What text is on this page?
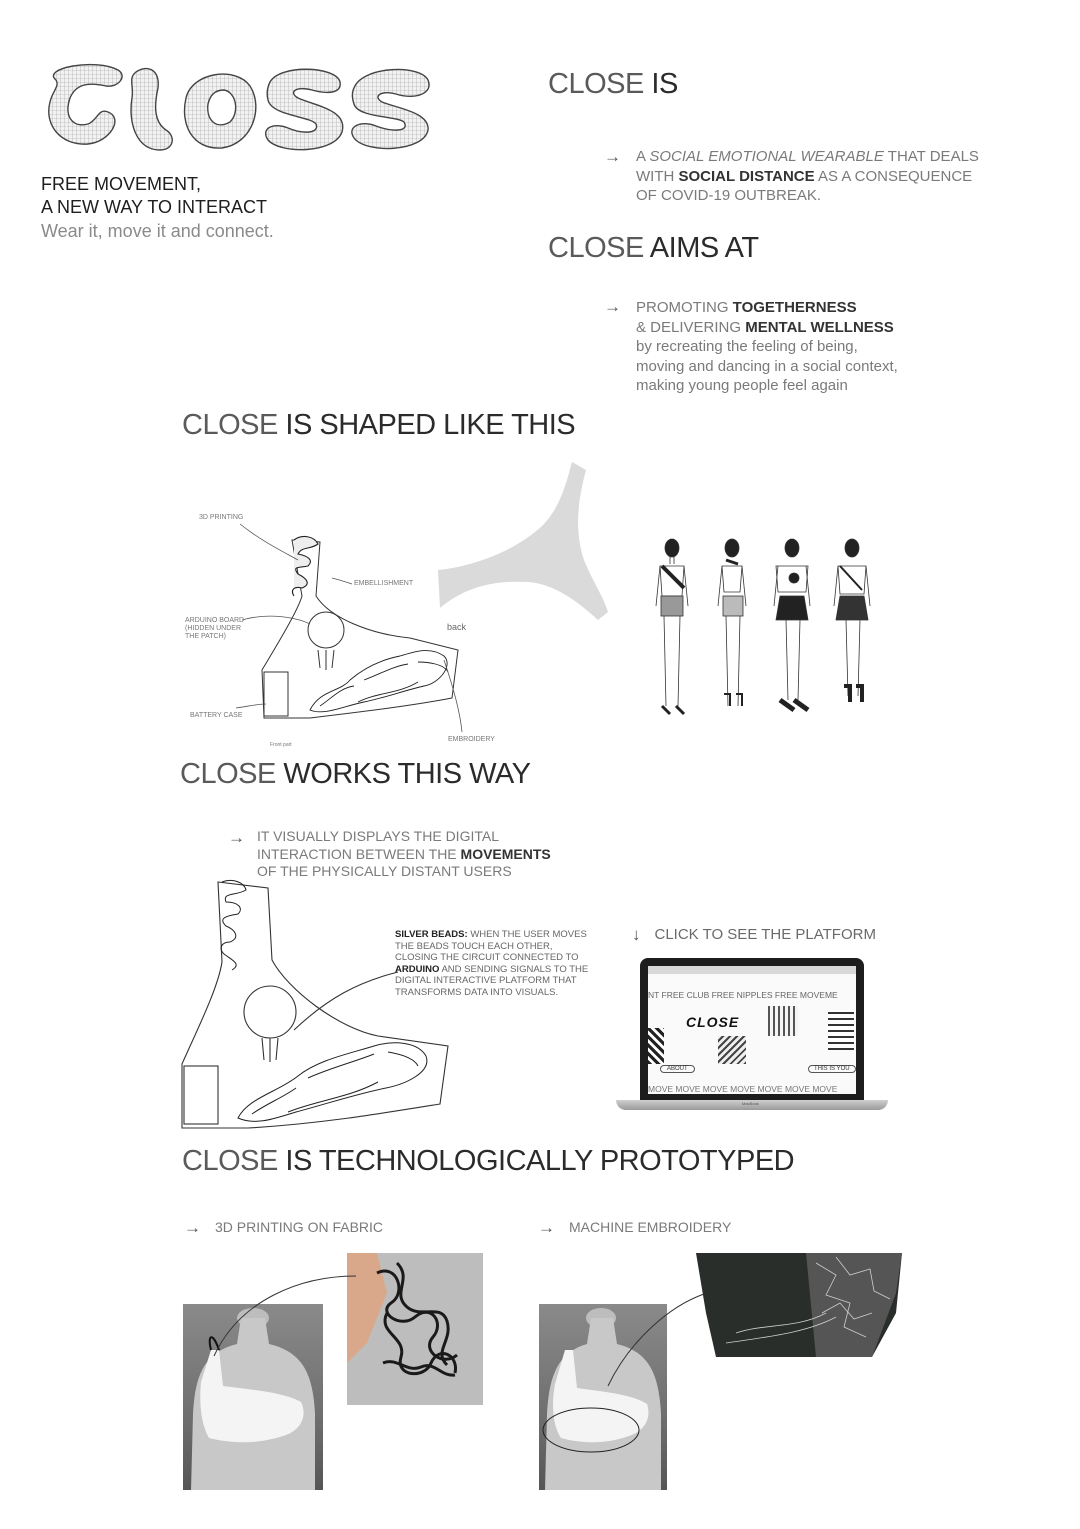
FREE MOVEMENT,
A NEW WAY TO INTERACT
Wear it, move it and connect.
CLOSE IS
→ A SOCIAL EMOTIONAL WEARABLE THAT DEALS
WITH SOCIAL DISTANCE AS A CONSEQUENCE
OF COVID-19 OUTBREAK.
CLOSE AIMS AT
→ PROMOTING TOGETHERNESS
& DELIVERING MENTAL WELLNESS
by recreating the feeling of being,
moving and dancing in a social context,
making young people feel again
CLOSE IS SHAPED LIKE THIS
3D PRINTING
EMBELLISHMENT
ARDUINO BOARD
(HIDDEN UNDER
THE PATCH)
BATTERY CASE
EMBROIDERY
Front part
back
CLOSE WORKS THIS WAY
→ IT VISUALLY DISPLAYS THE DIGITAL
INTERACTION BETWEEN THE MOVEMENTS
OF THE PHYSICALLY DISTANT USERS
SILVER BEADS: WHEN THE USER MOVES
THE BEADS TOUCH EACH OTHER,
CLOSING THE CIRCUIT CONNECTED TO
ARDUINO AND SENDING SIGNALS TO THE
DIGITAL INTERACTIVE PLATFORM THAT
TRANSFORMS DATA INTO VISUALS.
↓ CLICK TO SEE THE PLATFORM
NT FREE CLUB FREE NIPPLES FREE MOVEME
CLOSE
ABOUT	THIS IS YOU
MOVE MOVE MOVE MOVE MOVE MOVE MOVE
MacBook
CLOSE IS TECHNOLOGICALLY PROTOTYPED
→ 3D PRINTING ON FABRIC	→ MACHINE EMBROIDERY
